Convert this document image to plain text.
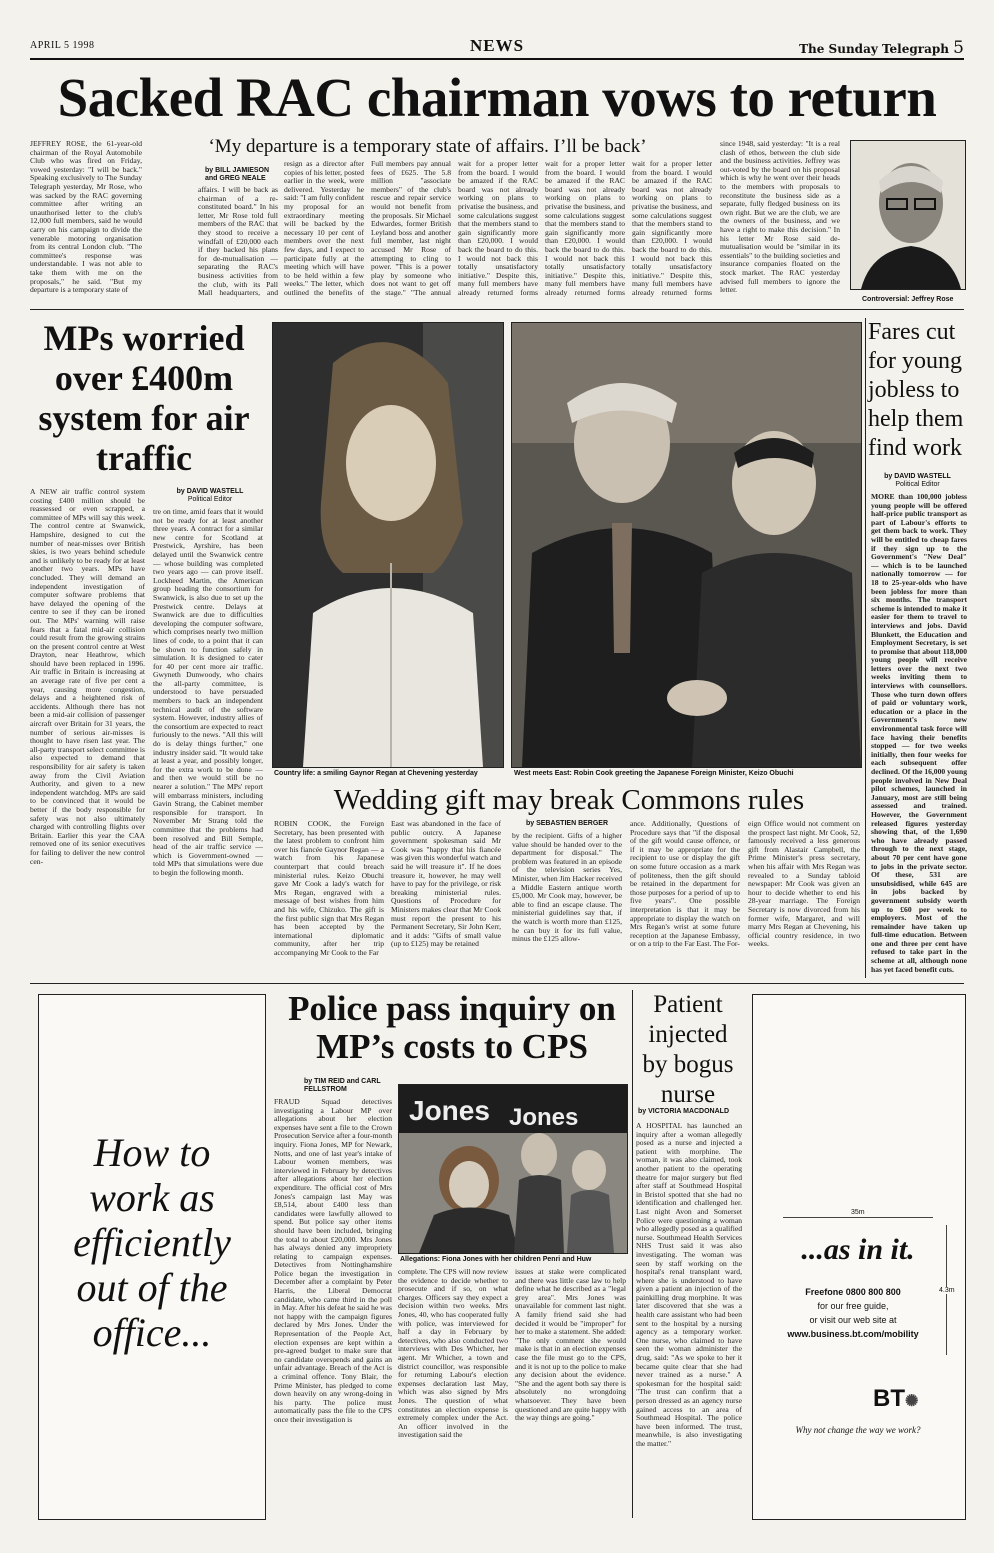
APRIL 5 1998	NEWS	The Sunday Telegraph 5
Sacked RAC chairman vows to return
JEFFREY ROSE, the 61-year-old chairman of the Royal Automobile Club who was fired on Friday, vowed yesterday: "I will be back." Speaking exclusively to The Sunday Telegraph yesterday, Mr Rose, who was sacked by the RAC governing committee after writing an unauthorised letter to the club's 12,000 full members, said he would carry on his campaign to divide the venerable motoring organisation from its central London club. "The committee's response was understandable. I was not able to take them with me on the proposals," he said. "But my departure is a temporary state of
‘My departure is a temporary state of affairs. I’ll be back’
by BILL JAMIESON and GREG NEALE
affairs. I will be back as chairman of a re-constituted board." In his letter, Mr Rose told full members of the RAC that they stood to receive a windfall of £20,000 each if they backed his plans for de-mutualisation — separating the RAC's business activities from the club, with its Pall Mall headquarters, and
resign as a director after copies of his letter, posted earlier in the week, were delivered. Yesterday he said: "I am fully confident my proposal for an extraordinary meeting will be backed by the necessary 10 per cent of members over the next few days, and I expect to participate fully at the meeting which will have to be held within a few weeks." The letter, which outlined the benefits of
Full members pay annual fees of £625. The 5.8 million "associate members" of the club's rescue and repair service would not benefit from the proposals. Sir Michael Edwardes, former British Leyland boss and another full member, last night accused Mr Rose of attempting to cling to power. "This is a power play by someone who does not want to get off the stage." "The annual
wait for a proper letter from the board. I would be amazed if the RAC board was not already working on plans to privatise the business, and some calculations suggest that the members stand to gain significantly more than £20,000. I would back the board to do this. I would not back this totally unsatisfactory initiative." Despite this, many full members have already returned forms
wait for a proper letter from the board. I would be amazed if the RAC board was not already working on plans to privatise the business, and some calculations suggest that the members stand to gain significantly more than £20,000. I would back the board to do this. I would not back this totally unsatisfactory initiative." Despite this, many full members have already returned forms
wait for a proper letter from the board. I would be amazed if the RAC board was not already working on plans to privatise the business, and some calculations suggest that the members stand to gain significantly more than £20,000. I would back the board to do this. I would not back this totally unsatisfactory initiative." Despite this, many full members have already returned forms
since 1948, said yesterday: "It is a real clash of ethos, between the club side and the business activities. Jeffrey was out-voted by the board on his proposal which is why he went over their heads to the members with proposals to reconstitute the business side as a separate, fully fledged business on its own right. But we are the club, we are the owners of the business, and we have a right to make this decision." In his letter Mr Rose said de-mutualisation would be "similar in its essentials" to the building societies and insurance companies floated on the stock market. The RAC yesterday advised full members to ignore the letter.
Controversial: Jeffrey Rose
MPs worried over £400m system for air traffic
by DAVID WASTELL
Political Editor
A NEW air traffic control system costing £400 million should be reassessed or even scrapped, a committee of MPs will say this week. The control centre at Swanwick, Hampshire, designed to cut the number of near-misses over British skies, is two years behind schedule and is unlikely to be ready for at least another two years. MPs have concluded. They will demand an independent investigation of computer software problems that have delayed the opening of the centre to see if they can be ironed out. The MPs' warning will raise fears that a fatal mid-air collision could result from the growing strains on the present control centre at West Drayton, near Heathrow, which should have been replaced in 1996. Air traffic in Britain is increasing at an average rate of five per cent a year, causing more congestion, delays and a heightened risk of accidents. Although there has not been a mid-air collision of passenger aircraft over Britain for 31 years, the number of serious air-misses is thought to have risen last year. The all-party transport select committee is also expected to demand that responsibility for air safety is taken away from the Civil Aviation Authority, and given to a new independent watchdog. MPs are said to be convinced that it would be better if the body responsible for safety was not also ultimately charged with controlling flights over Britain. Earlier this year the CAA removed one of its senior executives for failing to deliver the new control cen-
tre on time, amid fears that it would not be ready for at least another three years. A contract for a similar new centre for Scotland at Prestwick, Ayrshire, has been delayed until the Swanwick centre — whose building was completed two years ago — can prove itself. Lockheed Martin, the American group heading the consortium for Swanwick, is also due to set up the Prestwick centre. Delays at Swanwick are due to difficulties developing the computer software, which comprises nearly two million lines of code, to a point that it can be shown to function safely in simulation. It is designed to cater for 40 per cent more air traffic. Gwyneth Dunwoody, who chairs the all-party committee, is understood to have persuaded members to back an independent technical audit of the software system. However, industry allies of the consortium are expected to react furiously to the news. "All this will do is delay things further," one industry insider said. "It would take at least a year, and possibly longer, for the extra work to be done — and then we would still be no nearer a solution." The MPs' report will embarrass ministers, including Gavin Strang, the Cabinet member responsible for transport. In November Mr Strang told the committee that the problems had been resolved and Bill Semple, head of the air traffic service — which is Government-owned — told MPs that simulations were due to begin the following month.
Country life: a smiling Gaynor Regan at Chevening yesterday	West meets East: Robin Cook greeting the Japanese Foreign Minister, Keizo Obuchi
Fares cut for young jobless to help them find work
by DAVID WASTELL
Political Editor
MORE than 100,000 jobless young people will be offered half-price public transport as part of Labour's efforts to get them back to work. They will be entitled to cheap fares if they sign up to the Government's "New Deal" — which is to be launched nationally tomorrow — for 18 to 25-year-olds who have been jobless for more than six months. The transport scheme is intended to make it easier for them to travel to interviews and jobs. David Blunkett, the Education and Employment Secretary, is set to promise that about 118,000 young people will receive letters over the next two weeks inviting them to interviews with counsellors. Those who turn down offers of paid or voluntary work, education or a place in the Government's new environmental task force will face having their benefits stopped — for two weeks initially, then four weeks for each subsequent offer declined. Of the 16,000 young people involved in New Deal pilot schemes, launched in January, most are still being assessed and trained. However, the Government released figures yesterday showing that, of the 1,690 who have already passed through to the next stage, about 70 per cent have gone to jobs in the private sector. Of these, 531 are unsubsidised, while 645 are in jobs backed by government subsidy worth up to £60 per week to employers. Most of the remainder have taken up full-time education. Between one and three per cent have refused to take part in the scheme at all, although none has yet faced benefit cuts.
Wedding gift may break Commons rules
ROBIN COOK, the Foreign Secretary, has been presented with the latest problem to confront him over his fiancée Gaynor Regan — a watch from his Japanese counterpart that could breach ministerial rules. Keizo Obuchi gave Mr Cook a lady's watch for Mrs Regan, engraved with a message of best wishes from him and his wife, Chizuko. The gift is the first public sign that Mrs Regan has been accepted by the international diplomatic community, after her trip accompanying Mr Cook to the Far
East was abandoned in the face of public outcry. A Japanese government spokesman said Mr Cook was "happy that his fiancée was given this wonderful watch and said he will treasure it". If he does treasure it, however, he may well have to pay for the privilege, or risk breaking ministerial rules. Questions of Procedure for Ministers makes clear that Mr Cook must report the present to his Permanent Secretary, Sir John Kerr, and it adds: "Gifts of small value (up to £125) may be retained
by SEBASTIEN BERGER
by the recipient. Gifts of a higher value should be handed over to the department for disposal." The problem was featured in an episode of the television series Yes, Minister, when Jim Hacker received a Middle Eastern antique worth £5,000. Mr Cook may, however, be able to find an escape clause. The ministerial guidelines say that, if the watch is worth more than £125, he can buy it for its full value, minus the £125 allow-
ance. Additionally, Questions of Procedure says that "if the disposal of the gift would cause offence, or if it may be appropriate for the recipient to use or display the gift on some future occasion as a mark of politeness, then the gift should be retained in the department for those purposes for a period of up to five years". One possible interpretation is that it may be appropriate to display the watch on Mrs Regan's wrist at some future reception at the Japanese Embassy, or on a trip to the Far East. The For-
eign Office would not comment on the prospect last night. Mr Cook, 52, famously received a less generous gift from Alastair Campbell, the Prime Minister's press secretary, when his affair with Mrs Regan was revealed to a Sunday tabloid newspaper: Mr Cook was given an hour to decide whether to end his 28-year marriage. The Foreign Secretary is now divorced from his former wife, Margaret, and will marry Mrs Regan at Chevening, his official country residence, in two weeks.
How to work as efficiently out of the office...
Police pass inquiry on MP’s costs to CPS
by TIM REID and CARL FELLSTROM
FRAUD Squad detectives investigating a Labour MP over allegations about her election expenses have sent a file to the Crown Prosecution Service after a four-month inquiry. Fiona Jones, MP for Newark, Notts, and one of last year's intake of Labour women members, was interviewed in February by detectives after allegations about her election expenditure. The official cost of Mrs Jones's campaign last May was £8,514, about £400 less than candidates were lawfully allowed to spend. But police say other items should have been included, bringing the total to about £20,000. Mrs Jones has always denied any impropriety relating to campaign expenses. Detectives from Nottinghamshire Police began the investigation in December after a complaint by Peter Harris, the Liberal Democrat candidate, who came third in the poll in May. After his defeat he said he was not happy with the campaign figures declared by Mrs Jones. Under the Representation of the People Act, election expenses are kept within a pre-agreed budget to make sure that no candidate overspends and gains an unfair advantage. Breach of the Act is a criminal offence. Tony Blair, the Prime Minister, has pledged to come down heavily on any wrong-doing in his party. The police must automatically pass the file to the CPS once their investigation is
Jones Jones
Allegations: Fiona Jones with her children Penri and Huw
complete. The CPS will now review the evidence to decide whether to prosecute and if so, on what charges. Officers say they expect a decision within two weeks. Mrs Jones, 40, who has cooperated fully with police, was interviewed for half a day in February by detectives, who also conducted two interviews with Des Whicher, her agent. Mr Whicher, a town and district councillor, was responsible for returning Labour's election expenses declaration last May, which was also signed by Mrs Jones. The question of what constitutes an election expense is extremely complex under the Act. An officer involved in the investigation said the
issues at stake were complicated and there was little case law to help define what he described as a "legal grey area". Mrs Jones was unavailable for comment last night. A family friend said she had decided it would be "improper" for her to make a statement. She added: "The only comment she would make is that in an election expenses case the file must go to the CPS, and it is not up to the police to make any decision about the evidence. "She and the agent both say there is absolutely no wrongdoing whatsoever. They have been questioned and are quite happy with the way things are going."
Patient injected by bogus nurse
by VICTORIA MACDONALD
A HOSPITAL has launched an inquiry after a woman allegedly posed as a nurse and injected a patient with morphine. The woman, it was also claimed, took another patient to the operating theatre for major surgery but fled after staff at Southmead Hospital in Bristol spotted that she had no identification and challenged her. Last night Avon and Somerset Police were questioning a woman who allegedly posed as a qualified nurse. Southmead Health Services NHS Trust said it was also investigating. The woman was seen by staff working on the hospital's renal transplant ward, where she is understood to have given a patient an injection of the painkilling drug morphine. It was later discovered that she was a health care assistant who had been sent to the hospital by a nursing agency as a temporary worker. One nurse, who claimed to have seen the woman administer the drug, said: "As we spoke to her it became quite clear that she had never trained as a nurse." A spokesman for the hospital said: "The trust can confirm that a person dressed as an agency nurse gained access to an area of Southmead Hospital. The police have been informed. The trust, meanwhile, is also investigating the matter."
35m
4.3m
...as in it.
Freefone 0800 800 800
for our free guide,
or visit our web site at
www.business.bt.com/mobility
BT✺
Why not change the way we work?
